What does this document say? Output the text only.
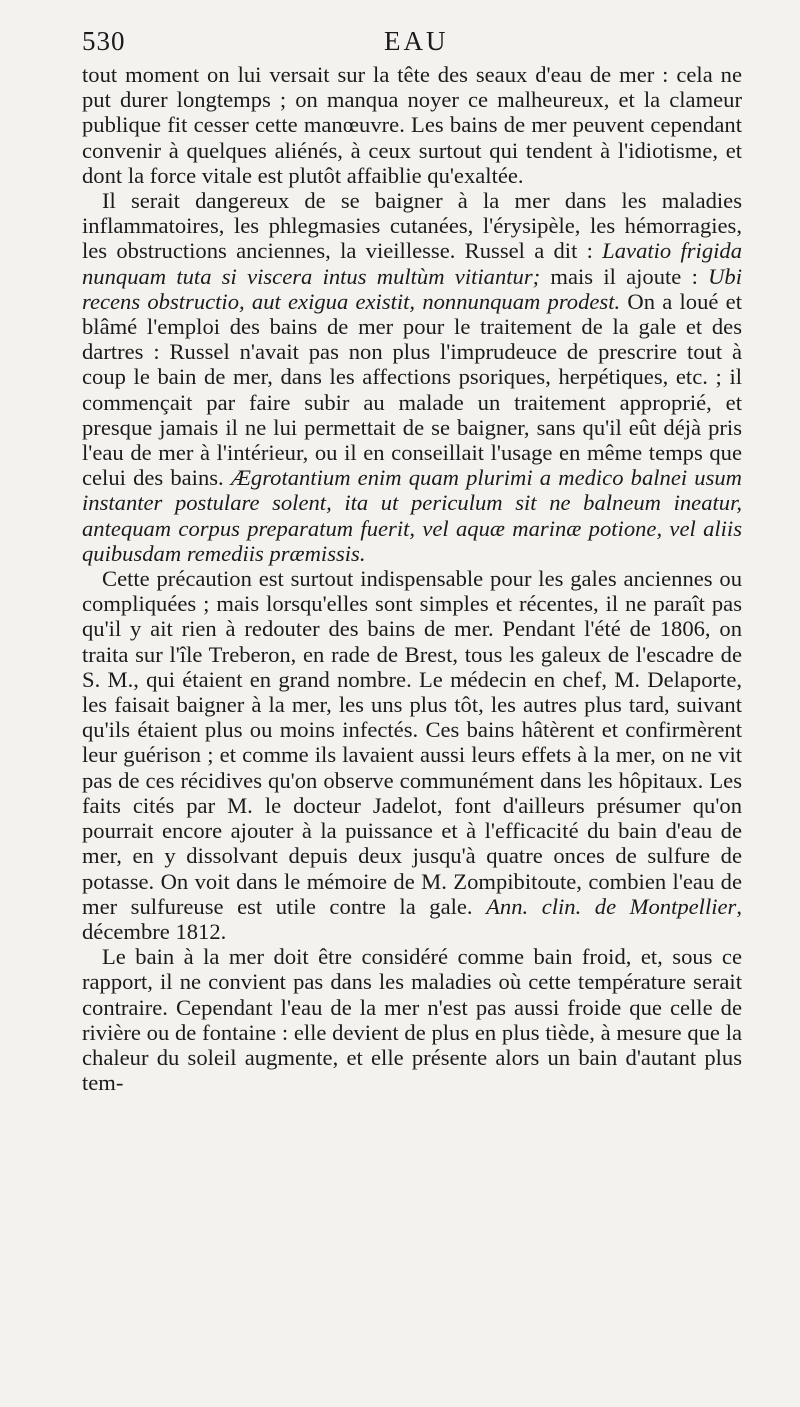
530	EAU

tout moment on lui versait sur la tête des seaux d'eau de mer : cela ne put durer longtemps ; on manqua noyer ce malheureux, et la clameur publique fit cesser cette manœuvre. Les bains de mer peuvent cependant convenir à quelques aliénés, à ceux surtout qui tendent à l'idiotisme, et dont la force vitale est plutôt affaiblie qu'exaltée.

Il serait dangereux de se baigner à la mer dans les maladies inflammatoires, les phlegmasies cutanées, l'érysipèle, les hémorragies, les obstructions anciennes, la vieillesse. Russel a dit : Lavatio frigida nunquam tuta si viscera intus multùm vitiantur; mais il ajoute : Ubi recens obstructio, aut exigua existit, nonnunquam prodest. On a loué et blâmé l'emploi des bains de mer pour le traitement de la gale et des dartres : Russel n'avait pas non plus l'imprudeuce de prescrire tout à coup le bain de mer, dans les affections psoriques, herpétiques, etc. ; il commençait par faire subir au malade un traitement approprié, et presque jamais il ne lui permettait de se baigner, sans qu'il eût déjà pris l'eau de mer à l'intérieur, ou il en conseillait l'usage en même temps que celui des bains. Ægrotantium enim quam plurimi a medico balnei usum instanter postulare solent, ita ut periculum sit ne balneum ineatur, antequam corpus preparatum fuerit, vel aquæ marinæ potione, vel aliis quibusdam remediis præmissis.

Cette précaution est surtout indispensable pour les gales anciennes ou compliquées ; mais lorsqu'elles sont simples et récentes, il ne paraît pas qu'il y ait rien à redouter des bains de mer. Pendant l'été de 1806, on traita sur l'île Treberon, en rade de Brest, tous les galeux de l'escadre de S. M., qui étaient en grand nombre. Le médecin en chef, M. Delaporte, les faisait baigner à la mer, les uns plus tôt, les autres plus tard, suivant qu'ils étaient plus ou moins infectés. Ces bains hâtèrent et confirmèrent leur guérison ; et comme ils lavaient aussi leurs effets à la mer, on ne vit pas de ces récidives qu'on observe communément dans les hôpitaux. Les faits cités par M. le docteur Jadelot, font d'ailleurs présumer qu'on pourrait encore ajouter à la puissance et à l'efficacité du bain d'eau de mer, en y dissolvant depuis deux jusqu'à quatre onces de sulfure de potasse. On voit dans le mémoire de M. Zompibitoute, combien l'eau de mer sulfureuse est utile contre la gale. Ann. clin. de Montpellier, décembre 1812.

Le bain à la mer doit être considéré comme bain froid, et, sous ce rapport, il ne convient pas dans les maladies où cette température serait contraire. Cependant l'eau de la mer n'est pas aussi froide que celle de rivière ou de fontaine : elle devient de plus en plus tiède, à mesure que la chaleur du soleil augmente, et elle présente alors un bain d'autant plus tem-
